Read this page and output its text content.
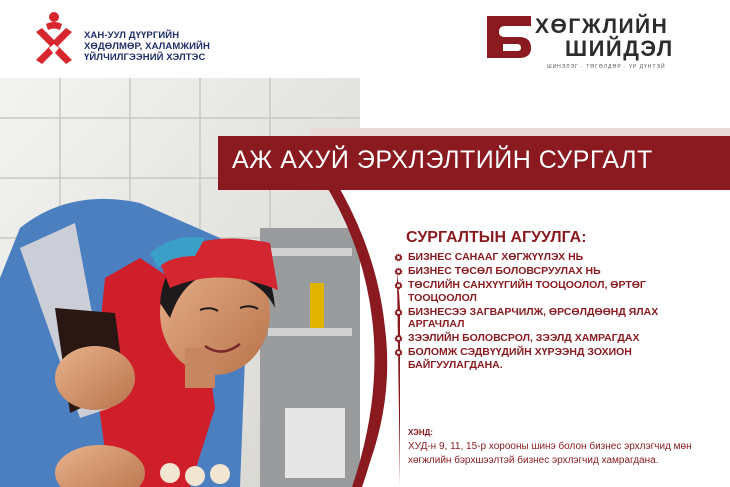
ХАН-УУЛ ДҮҮРГИЙН
ХӨДӨЛМӨР, ХАЛАМЖИЙН
ҮЙЛЧИЛГЭЭНИЙ ХЭЛТЭС
ХӨГЖЛИЙН
ШИЙДЭЛ
ШИНЭЛЭГ · ТӨГӨЛДӨР · ҮР ДҮНТЭЙ
АЖ АХУЙ ЭРХЛЭЛТИЙН СУРГАЛТ
СУРГАЛТЫН АГУУЛГА:
БИЗНЕС САНААГ ХӨГЖҮҮЛЭХ НЬ
БИЗНЕС ТӨСӨЛ БОЛОВСРУУЛАХ НЬ
ТӨСЛИЙН САНХҮҮГИЙН ТООЦООЛОЛ, ӨРТӨГ ТООЦООЛОЛ
БИЗНЕСЭЭ ЗАГВАРЧИЛЖ, ӨРСӨЛДӨӨНД ЯЛАХ АРГАЧЛАЛ
ЗЭЭЛИЙН БОЛОВСРОЛ, ЗЭЭЛД ХАМРАГДАХ
БОЛОМЖ СЭДВҮҮДИЙН ХҮРЭЭНД ЗОХИОН БАЙГУУЛАГДАНА.
ХЭНД:
ХУД-н 9, 11, 15-р хорооны шинэ болон бизнес эрхлэгчид мөн хөгжлийн бэрхшээлтэй бизнес эрхлэгчид хамрагдана.
